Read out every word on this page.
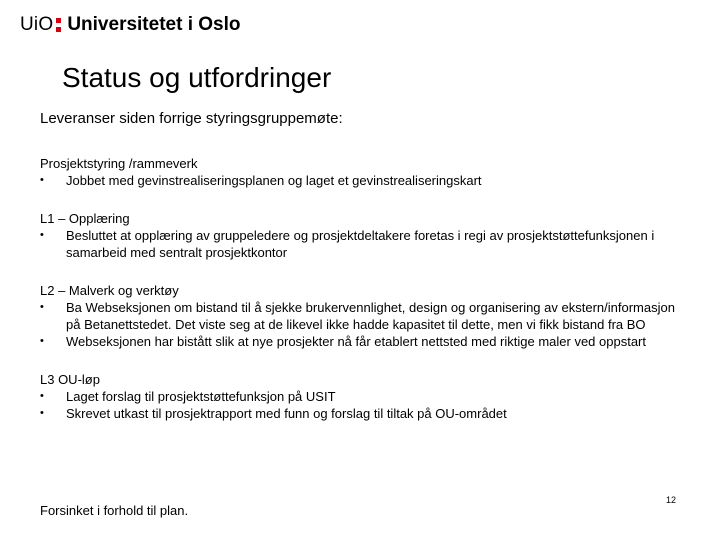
UiO Universitetet i Oslo
Status og utfordringer

Leveranser siden forrige styringsgruppemøte:

Prosjektstyring /rammeverk
•	Jobbet med gevinstrealiseringsplanen og laget et gevinstrealiseringskart
L1 – Opplæring
•	Besluttet at opplæring av gruppeledere og prosjektdeltakere foretas i regi av prosjektstøttefunksjonen i samarbeid med sentralt prosjektkontor
L2 – Malverk og verktøy
•	Ba Webseksjonen om bistand til å sjekke brukervennlighet, design og organisering av ekstern/informasjon på Betanettstedet. Det viste seg at de likevel ikke hadde kapasitet til dette, men vi fikk bistand fra BO
•	Webseksjonen har bistått slik at nye prosjekter nå får etablert nettsted med riktige maler ved oppstart
L3 OU-løp
•	Laget forslag til prosjektstøttefunksjon på USIT
•	Skrevet utkast til prosjektrapport med funn og forslag til tiltak på OU-området
Forsinket i forhold til plan.
12
